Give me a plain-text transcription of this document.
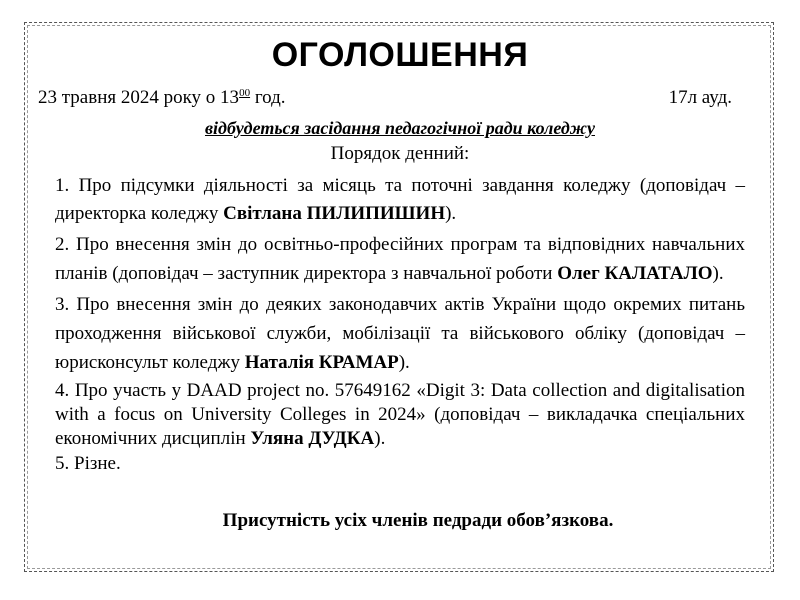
ОГОЛОШЕННЯ
23 травня 2024 року о $13^{00}$ год.	17л ауд.
відбудеться засідання педагогічної ради коледжу
Порядок денний:
1. Про підсумки діяльності за місяць та поточні завдання коледжу (доповідач – директорка коледжу Світлана ПИЛИПИШИН).
2. Про внесення змін до освітньо-професійних програм та відповідних навчальних планів (доповідач – заступник директора з навчальної роботи Олег КАЛАТАЛО).
3. Про внесення змін до деяких законодавчих актів України щодо окремих питань проходження військової служби, мобілізації та військового обліку (доповідач – юрисконсульт коледжу Наталія КРАМАР).
4. Про участь у DAAD project no. 57649162 «Digit 3: Data collection and digitalisation with a focus on University Colleges in 2024» (доповідач – викладачка спеціальних економічних дисциплін Уляна ДУДКА).
5. Різне.
Присутність усіх членів педради обов’язкова.
